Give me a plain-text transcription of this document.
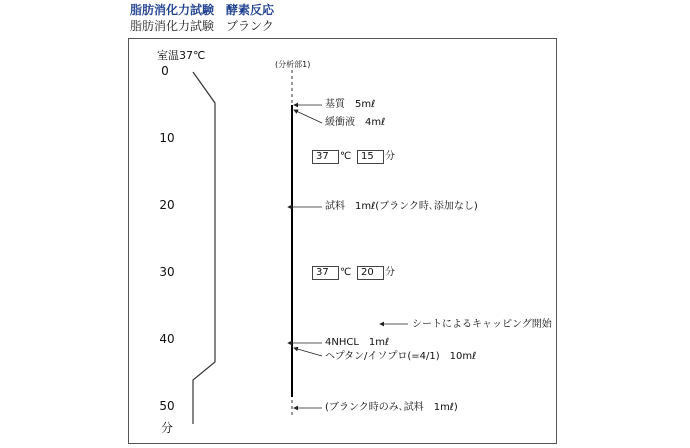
脂肪消化力試験　酵素反応
脂肪消化力試験　ブランク
室温37℃
0
10
20
30
40
50
分
(分析部1)
基質　5mℓ
緩衝液　4mℓ
37	℃ 15	分
試料　1mℓ(ブランク時､添加なし)
37	℃ 20	分
シートによるキャッピング開始
4NHCL　1mℓ
ヘプタン/イソプロ(=4/1)　10mℓ
(ブランク時のみ､試料　1mℓ)
